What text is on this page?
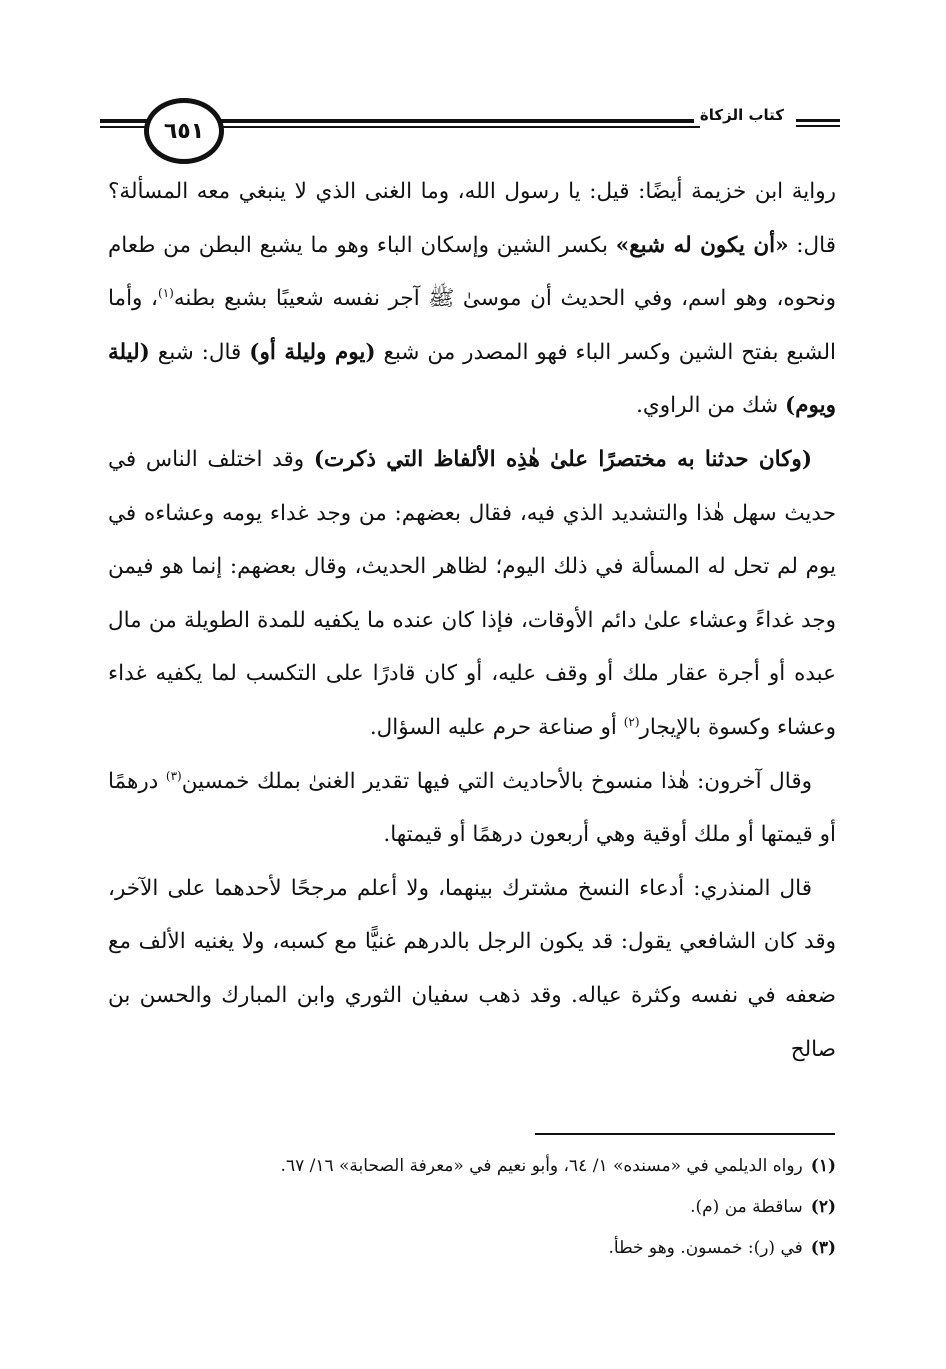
كتاب الزكاة
٦٥١

رواية ابن خزيمة أيضًا: قيل: يا رسول الله، وما الغنى الذي لا ينبغي معه المسألة؟ قال: «أن يكون له شبع» بكسر الشين وإسكان الباء وهو ما يشبع البطن من طعام ونحوه، وهو اسم، وفي الحديث أن موسىٰ ﷺ آجر نفسه شعيبًا بشبع بطنه$^{(١)}$، وأما الشبع بفتح الشين وكسر الباء فهو المصدر من شبع (يوم وليلة أو) قال: شبع (ليلة ويوم) شك من الراوي.

(وكان حدثنا به مختصرًا علىٰ هٰذِه الألفاظ التي ذكرت) وقد اختلف الناس في حديث سهل هٰذا والتشديد الذي فيه، فقال بعضهم: من وجد غداء يومه وعشاءه في يوم لم تحل له المسألة في ذلك اليوم؛ لظاهر الحديث، وقال بعضهم: إنما هو فيمن وجد غداءً وعشاء علىٰ دائم الأوقات، فإذا كان عنده ما يكفيه للمدة الطويلة من مال عبده أو أجرة عقار ملك أو وقف عليه، أو كان قادرًا على التكسب لما يكفيه غداء وعشاء وكسوة بالإيجار$^{(٢)}$ أو صناعة حرم عليه السؤال.

وقال آخرون: هٰذا منسوخ بالأحاديث التي فيها تقدير الغنىٰ بملك خمسين$^{(٣)}$ درهمًا أو قيمتها أو ملك أوقية وهي أربعون درهمًا أو قيمتها.

قال المنذري: أدعاء النسخ مشترك بينهما، ولا أعلم مرجحًا لأحدهما على الآخر، وقد كان الشافعي يقول: قد يكون الرجل بالدرهم غنيًّا مع كسبه، ولا يغنيه الألف مع ضعفه في نفسه وكثرة عياله. وقد ذهب سفيان الثوري وابن المبارك والحسن بن صالح

(١)
رواه الديلمي في «مسنده» ١/ ٦٤، وأبو نعيم في «معرفة الصحابة» ١٦/ ٦٧.
(٢)
ساقطة من (م).
(٣)
في (ر): خمسون. وهو خطأ.
